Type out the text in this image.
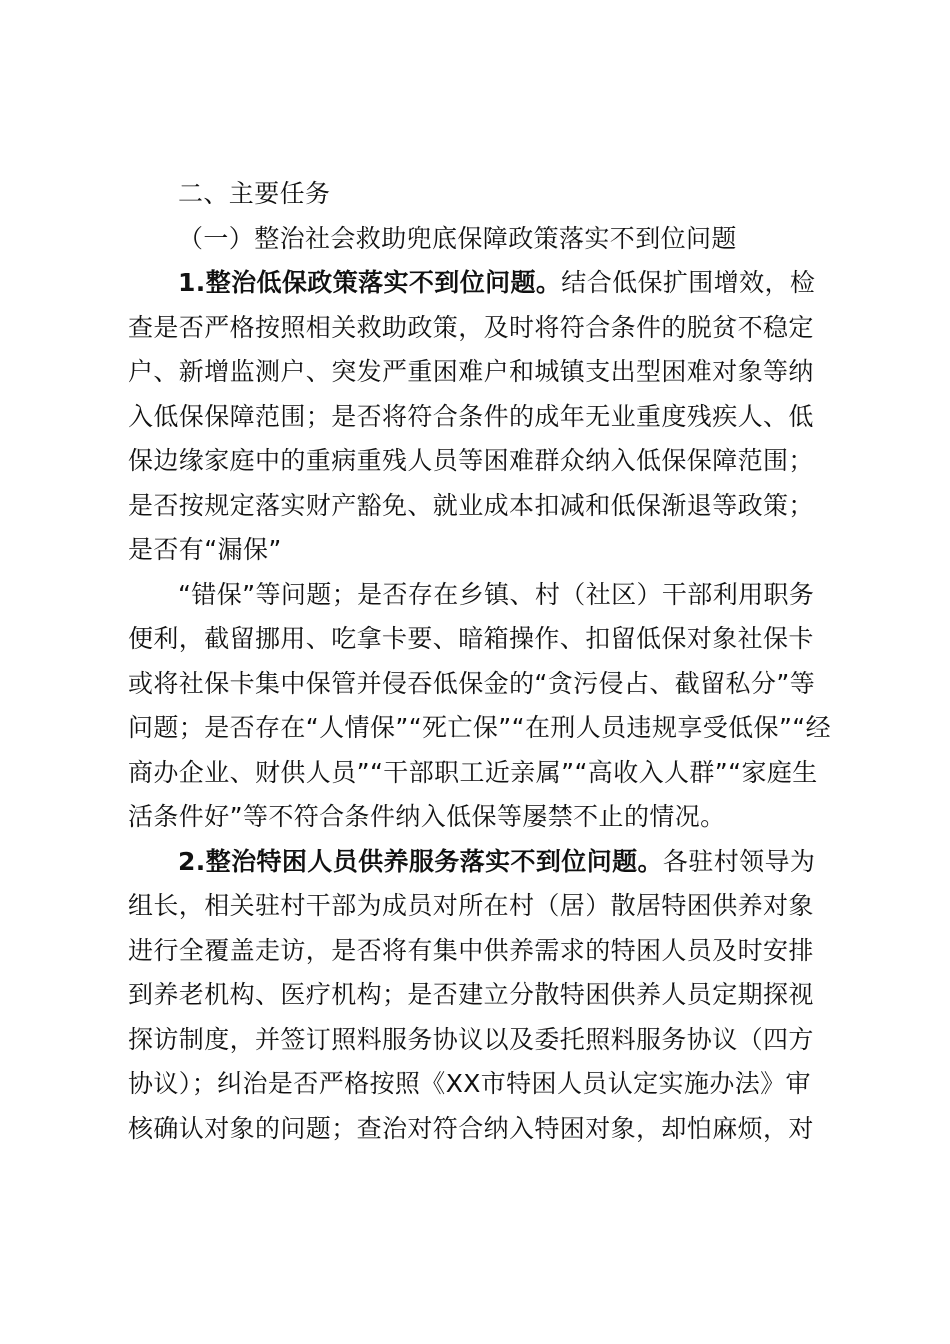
二、主要任务
（一）整治社会救助兜底保障政策落实不到位问题
1.整治低保政策落实不到位问题。结合低保扩围增效，检
查是否严格按照相关救助政策，及时将符合条件的脱贫不稳定
户、新增监测户、突发严重困难户和城镇支出型困难对象等纳
入低保保障范围；是否将符合条件的成年无业重度残疾人、低
保边缘家庭中的重病重残人员等困难群众纳入低保保障范围；
是否按规定落实财产豁免、就业成本扣减和低保渐退等政策；
是否有“漏保”
“错保”等问题；是否存在乡镇、村（社区）干部利用职务
便利，截留挪用、吃拿卡要、暗箱操作、扣留低保对象社保卡
或将社保卡集中保管并侵吞低保金的“贪污侵占、截留私分”等
问题；是否存在“人情保”“死亡保”“在刑人员违规享受低保”“经
商办企业、财供人员”“干部职工近亲属”“高收入人群”“家庭生
活条件好”等不符合条件纳入低保等屡禁不止的情况。
2.整治特困人员供养服务落实不到位问题。各驻村领导为
组长，相关驻村干部为成员对所在村（居）散居特困供养对象
进行全覆盖走访，是否将有集中供养需求的特困人员及时安排
到养老机构、医疗机构；是否建立分散特困供养人员定期探视
探访制度，并签订照料服务协议以及委托照料服务协议（四方
协议）；纠治是否严格按照《XX市特困人员认定实施办法》审
核确认对象的问题；查治对符合纳入特困对象，却怕麻烦，对
